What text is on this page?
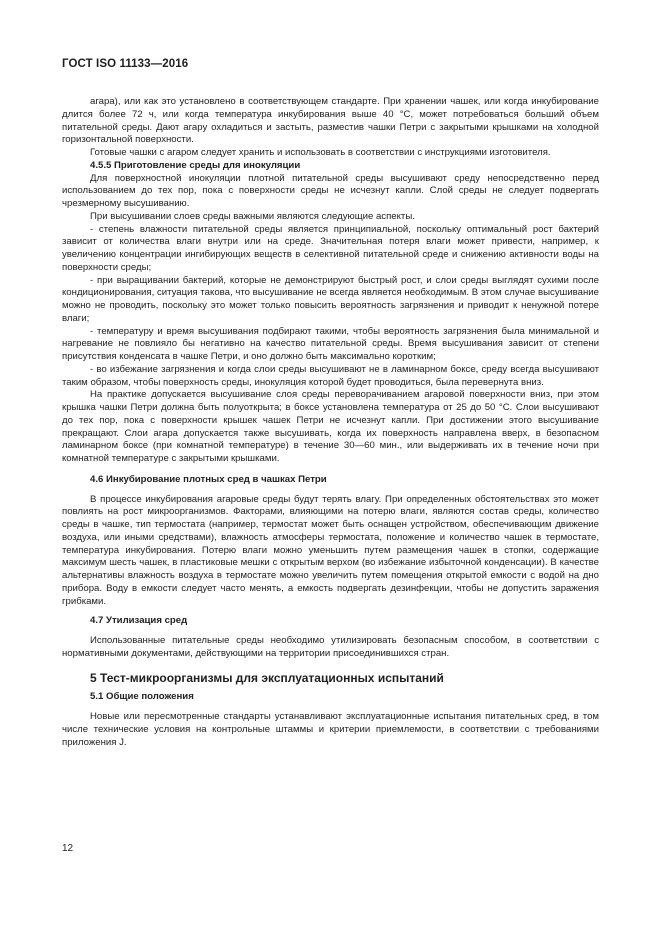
ГОСТ ISO 11133—2016

агара), или как это установлено в соответствующем стандарте. При хранении чашек, или когда инкубирование длится более 72 ч, или когда температура инкубирования выше 40 °С, может потребоваться больший объем питательной среды. Дают агару охладиться и застыть, разместив чашки Петри с закрытыми крышками на холодной горизонтальной поверхности.

Готовые чашки с агаром следует хранить и использовать в соответствии с инструкциями изготовителя.

4.5.5 Приготовление среды для инокуляции

Для поверхностной инокуляции плотной питательной среды высушивают среду непосредственно перед использованием до тех пор, пока с поверхности среды не исчезнут капли. Слой среды не следует подвергать чрезмерному высушиванию.

При высушивании слоев среды важными являются следующие аспекты.

- степень влажности питательной среды является принципиальной, поскольку оптимальный рост бактерий зависит от количества влаги внутри или на среде. Значительная потеря влаги может привести, например, к увеличению концентрации ингибирующих веществ в селективной питательной среде и снижению активности воды на поверхности среды;

- при выращивании бактерий, которые не демонстрируют быстрый рост, и слои среды выглядят сухими после кондиционирования, ситуация такова, что высушивание не всегда является необходимым. В этом случае высушивание можно не проводить, поскольку это может только повысить вероятность загрязнения и приводит к ненужной потере влаги;

- температуру и время высушивания подбирают такими, чтобы вероятность загрязнения была минимальной и нагревание не повлияло бы негативно на качество питательной среды. Время высушивания зависит от степени присутствия конденсата в чашке Петри, и оно должно быть максимально коротким;

- во избежание загрязнения и когда слои среды высушивают не в ламинарном боксе, среду всегда высушивают таким образом, чтобы поверхность среды, инокуляция которой будет проводиться, была перевернута вниз.

На практике допускается высушивание слоя среды переворачиванием агаровой поверхности вниз, при этом крышка чашки Петри должна быть полуоткрыта; в боксе установлена температура от 25 до 50 °С. Слои высушивают до тех пор, пока с поверхности крышек чашек Петри не исчезнут капли. При достижении этого высушивание прекращают. Слои агара допускается также высушивать, когда их поверхность направлена вверх, в безопасном ламинарном боксе (при комнатной температуре) в течение 30—60 мин., или выдерживать их в течение ночи при комнатной температуре с закрытыми крышками.

4.6 Инкубирование плотных сред в чашках Петри

В процессе инкубирования агаровые среды будут терять влагу. При определенных обстоятельствах это может повлиять на рост микроорганизмов. Факторами, влияющими на потерю влаги, являются состав среды, количество среды в чашке, тип термостата (например, термостат может быть оснащен устройством, обеспечивающим движение воздуха, или иными средствами), влажность атмосферы термостата, положение и количество чашек в термостате, температура инкубирования. Потерю влаги можно уменьшить путем размещения чашек в стопки, содержащие максимум шесть чашек, в пластиковые мешки с открытым верхом (во избежание избыточной конденсации). В качестве альтернативы влажность воздуха в термостате можно увеличить путем помещения открытой емкости с водой на дно прибора. Воду в емкости следует часто менять, а емкость подвергать дезинфекции, чтобы не допустить заражения грибками.

4.7 Утилизация сред

Использованные питательные среды необходимо утилизировать безопасным способом, в соответствии с нормативными документами, действующими на территории присоединившихся стран.

5 Тест-микроорганизмы для эксплуатационных испытаний
5.1 Общие положения

Новые или пересмотренные стандарты устанавливают эксплуатационные испытания питательных сред, в том числе технические условия на контрольные штаммы и критерии приемлемости, в соответствии с требованиями приложения J.

12
